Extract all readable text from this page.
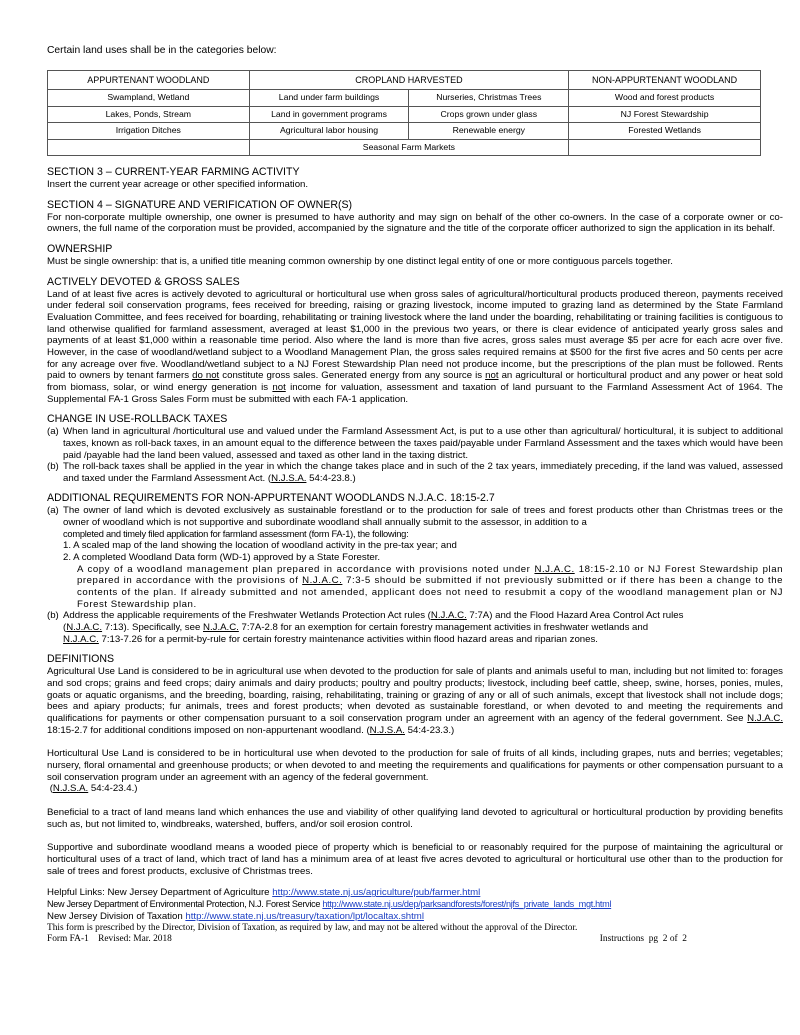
Certain land uses shall be in the categories below:
APPURTENANT WOODLAND	CROPLAND HARVESTED		NON-APPURTENANT WOODLAND
Swampland, Wetland	Land under farm buildings	Nurseries, Christmas Trees	Wood and forest products
Lakes, Ponds, Stream	Land in government programs	Crops grown under glass	NJ Forest Stewardship
Irrigation Ditches	Agricultural labor housing	Renewable energy	Forested Wetlands
	Seasonal Farm Markets		
SECTION 3 – CURRENT-YEAR FARMING ACTIVITY

Insert the current year acreage or other specified information.

SECTION 4 – SIGNATURE AND VERIFICATION OF OWNER(S)

For non-corporate multiple ownership, one owner is presumed to have authority and may sign on behalf of the other co-owners. In the case of a corporate owner or co-owners, the full name of the corporation must be provided, accompanied by the signature and the title of the corporate officer authorized to sign the application in its behalf.

OWNERSHIP

Must be single ownership: that is, a unified title meaning common ownership by one distinct legal entity of one or more contiguous parcels together.

ACTIVELY DEVOTED & GROSS SALES

Land of at least five acres is actively devoted to agricultural or horticultural use when gross sales of agricultural/horticultural products produced thereon, payments received under federal soil conservation programs, fees received for breeding, raising or grazing livestock, income imputed to grazing land as determined by the State Farmland Evaluation Committee, and fees received for boarding, rehabilitating or training livestock where the land under the boarding, rehabilitating or training facilities is contiguous to land otherwise qualified for farmland assessment, averaged at least $1,000 in the previous two years, or there is clear evidence of anticipated yearly gross sales and payments of at least $1,000 within a reasonable time period. Also where the land is more than five acres, gross sales must average $5 per acre for each acre over five. However, in the case of woodland/wetland subject to a Woodland Management Plan, the gross sales required remains at $500 for the first five acres and 50 cents per acre for any acreage over five. Woodland/wetland subject to a NJ Forest Stewardship Plan need not produce income, but the prescriptions of the plan must be followed. Rents paid to owners by tenant farmers do not constitute gross sales. Generated energy from any source is not an agricultural or horticultural product and any power or heat sold from biomass, solar, or wind energy generation is not income for valuation, assessment and taxation of land pursuant to the Farmland Assessment Act of 1964. The Supplemental FA-1 Gross Sales Form must be submitted with each FA-1 application.

CHANGE IN USE-ROLLBACK TAXES
(a) When land in agricultural /horticultural use and valued under the Farmland Assessment Act, is put to a use other than agricultural/ horticultural, it is subject to additional taxes, known as roll-back taxes, in an amount equal to the difference between the taxes paid/payable under Farmland Assessment and the taxes which would have been paid /payable had the land been valued, assessed and taxed as other land in the taxing district.
(b) The roll-back taxes shall be applied in the year in which the change takes place and in such of the 2 tax years, immediately preceding, if the land was valued, assessed and taxed under the Farmland Assessment Act. (N.J.S.A. 54:4-23.8.)
ADDITIONAL REQUIREMENTS FOR NON-APPURTENANT WOODLANDS N.J.A.C. 18:15-2.7
(a) The owner of land which is devoted exclusively as sustainable forestland or to the production for sale of trees and forest products other than Christmas trees or the owner of woodland which is not supportive and subordinate woodland shall annually submit to the assessor, in addition to a
completed and timely filed application for farmland assessment (form FA-1), the following:
1. A scaled map of the land showing the location of woodland activity in the pre-tax year; and
2. A completed Woodland Data form (WD-1) approved by a State Forester.
A copy of a woodland management plan prepared in accordance with provisions noted under N.J.A.C. 18:15-2.10 or NJ Forest Stewardship plan prepared in accordance with the provisions of N.J.A.C. 7:3-5 should be submitted if not previously submitted or if there has been a change to the contents of the plan. If already submitted and not amended, applicant does not need to resubmit a copy of the woodland management plan or NJ Forest Stewardship plan.
(b) Address the applicable requirements of the Freshwater Wetlands Protection Act rules (N.J.A.C. 7:7A) and the Flood Hazard Area Control Act rules
(N.J.A.C. 7:13). Specifically, see N.J.A.C. 7:7A-2.8 for an exemption for certain forestry management activities in freshwater wetlands and
N.J.A.C. 7:13-7.26 for a permit-by-rule for certain forestry maintenance activities within flood hazard areas and riparian zones.
DEFINITIONS

Agricultural Use Land is considered to be in agricultural use when devoted to the production for sale of plants and animals useful to man, including but not limited to: forages and sod crops; grains and feed crops; dairy animals and dairy products; poultry and poultry products; livestock, including beef cattle, sheep, swine, horses, ponies, mules, goats or aquatic organisms, and the breeding, boarding, raising, rehabilitating, training or grazing of any or all of such animals, except that livestock shall not include dogs; bees and apiary products; fur animals, trees and forest products; when devoted as sustainable forestland, or when devoted to and meeting the requirements and qualifications for payments or other compensation pursuant to a soil conservation program under an agreement with an agency of the federal government. See N.J.A.C. 18:15-2.7 for additional conditions imposed on non-appurtenant woodland. (N.J.S.A. 54:4-23.3.)

Horticultural Use Land is considered to be in horticultural use when devoted to the production for sale of fruits of all kinds, including grapes, nuts and berries; vegetables; nursery, floral ornamental and greenhouse products; or when devoted to and meeting the requirements and qualifications for payments or other compensation pursuant to a soil conservation program under an agreement with an agency of the federal government.
(N.J.S.A. 54:4-23.4.)

Beneficial to a tract of land means land which enhances the use and viability of other qualifying land devoted to agricultural or horticultural production by providing benefits such as, but not limited to, windbreaks, watershed, buffers, and/or soil erosion control.

Supportive and subordinate woodland means a wooded piece of property which is beneficial to or reasonably required for the purpose of maintaining the agricultural or horticultural uses of a tract of land, which tract of land has a minimum area of at least five acres devoted to agricultural or horticultural use other than to the production for sale of trees and forest products, exclusive of Christmas trees.

Helpful Links: New Jersey Department of Agriculture http://www.state.nj.us/agriculture/pub/farmer.html
New Jersey Department of Environmental Protection, N.J. Forest Service http://www.state.nj.us/dep/parksandforests/forest/njfs_private_lands_mgt.html
New Jersey Division of Taxation http://www.state.nj.us/treasury/taxation/lpt/localtax.shtml
This form is prescribed by the Director, Division of Taxation, as required by law, and may not be altered without the approval of the Director.
Form FA-1    Revised: Mar. 2018	Instructions  pg  2 of  2
